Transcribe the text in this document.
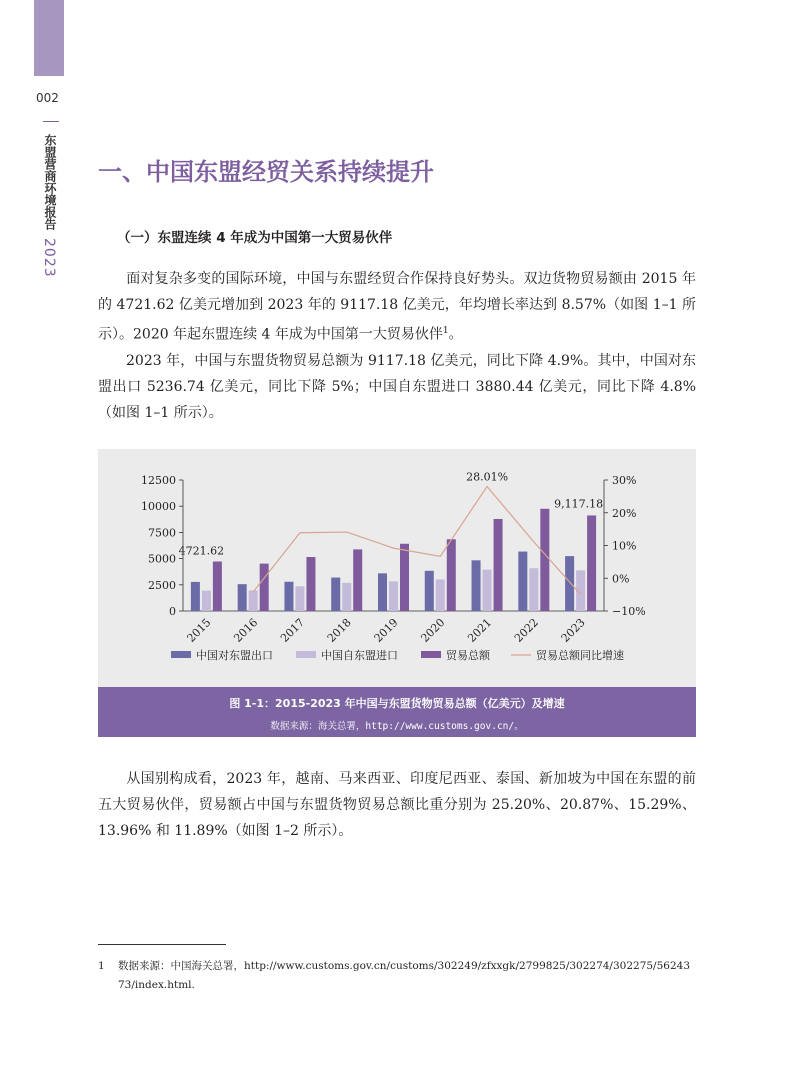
002
东盟营商环境报告
2023
一、中国东盟经贸关系持续提升
（一）东盟连续 4 年成为中国第一大贸易伙伴

面对复杂多变的国际环境，中国与东盟经贸合作保持良好势头。双边货物贸易额由 2015 年的 4721.62 亿美元增加到 2023 年的 9117.18 亿美元，年均增长率达到 8.57%（如图 1–1 所示）。2020 年起东盟连续 4 年成为中国第一大贸易伙伴$^1$。

2023 年，中国与东盟货物贸易总额为 9117.18 亿美元，同比下降 4.9%。其中，中国对东盟出口 5236.74 亿美元，同比下降 5%；中国自东盟进口 3880.44 亿美元，同比下降 4.8%（如图 1–1 所示）。

0
2500
5000
7500
10000
12500
−10%
0%
10%
20%
30%
2015 2016 2017 2018 2019 2020 2021 2022 2023
4721.62
28.01%
9,117.18
中国对东盟出口	中国自东盟进口	贸易总额	贸易总额同比增速
图 1-1：2015-2023 年中国与东盟货物贸易总额（亿美元）及增速
数据来源：海关总署，http://www.customs.gov.cn/。

从国别构成看，2023 年，越南、马来西亚、印度尼西亚、泰国、新加坡为中国在东盟的前五大贸易伙伴，贸易额占中国与东盟货物贸易总额比重分别为 25.20%、20.87%、15.29%、13.96% 和 11.89%（如图 1–2 所示）。

1 数据来源：中国海关总署，http://www.customs.gov.cn/customs/302249/zfxxgk/2799825/302274/302275/5624373/index.html.
